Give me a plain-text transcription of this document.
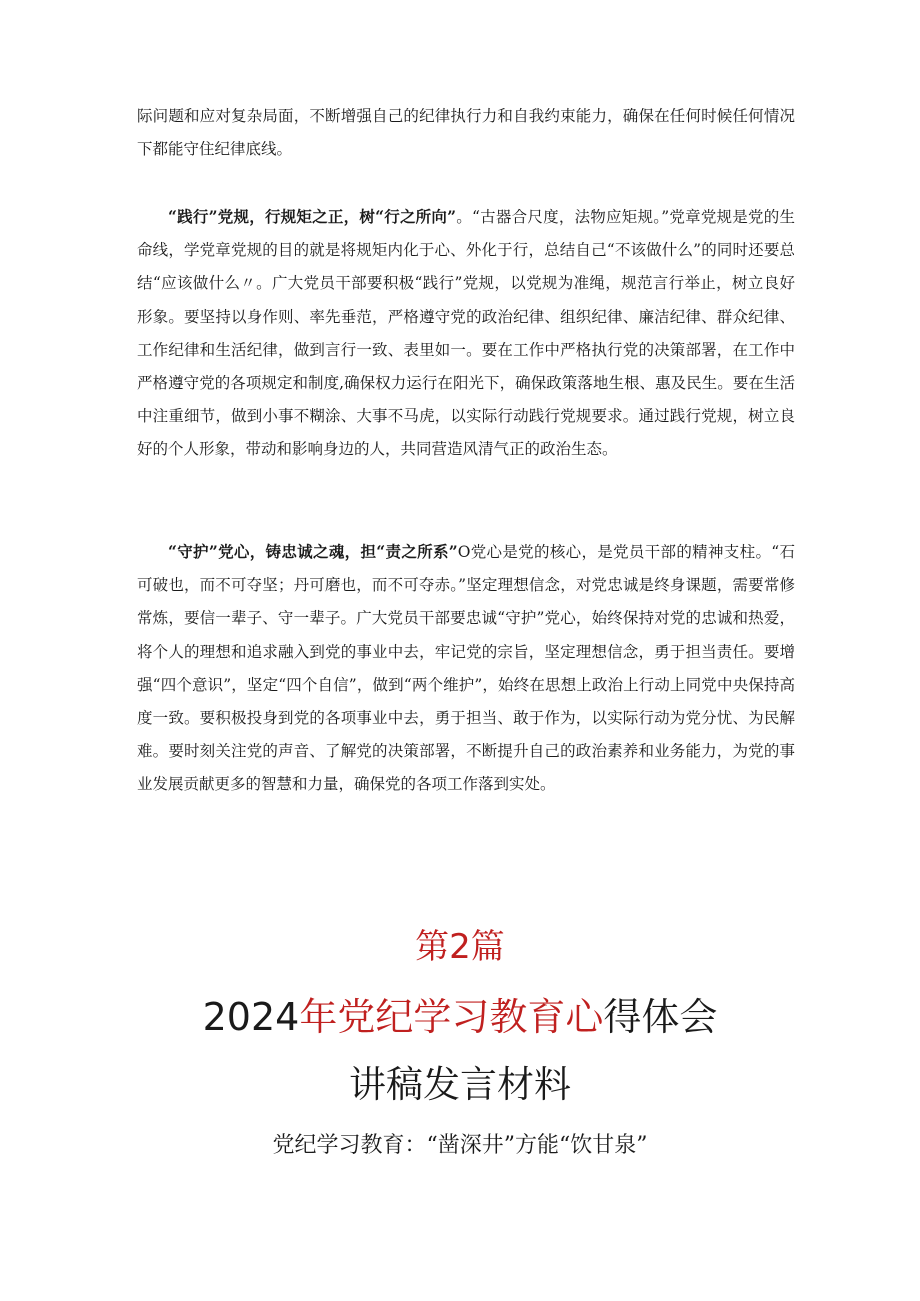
际问题和应对复杂局面，不断增强自己的纪律执行力和自我约束能力，确保在任何时候任何情况下都能守住纪律底线。

“践行”党规，行规矩之正，树“行之所向”。“古器合尺度，法物应矩规。”党章党规是党的生命线，学党章党规的目的就是将规矩内化于心、外化于行，总结自己“不该做什么”的同时还要总结“应该做什么〃。广大党员干部要积极“践行”党规，以党规为准绳，规范言行举止，树立良好形象。要坚持以身作则、率先垂范，严格遵守党的政治纪律、组织纪律、廉洁纪律、群众纪律、工作纪律和生活纪律，做到言行一致、表里如一。要在工作中严格执行党的决策部署，在工作中严格遵守党的各项规定和制度,确保权力运行在阳光下，确保政策落地生根、惠及民生。要在生活中注重细节，做到小事不糊涂、大事不马虎，以实际行动践行党规要求。通过践行党规，树立良好的个人形象，带动和影响身边的人，共同营造风清气正的政治生态。

“守护”党心，铸忠诚之魂，担“责之所系”O党心是党的核心，是党员干部的精神支柱。“石可破也，而不可夺坚；丹可磨也，而不可夺赤。”坚定理想信念，对党忠诚是终身课题，需要常修常炼，要信一辈子、守一辈子。广大党员干部要忠诚“守护”党心，始终保持对党的忠诚和热爱，将个人的理想和追求融入到党的事业中去，牢记党的宗旨，坚定理想信念，勇于担当责任。要增强“四个意识”，坚定“四个自信”，做到“两个维护”，始终在思想上政治上行动上同党中央保持高度一致。要积极投身到党的各项事业中去，勇于担当、敢于作为，以实际行动为党分忧、为民解难。要时刻关注党的声音、了解党的决策部署，不断提升自己的政治素养和业务能力，为党的事业发展贡献更多的智慧和力量，确保党的各项工作落到实处。

第2篇
2024年党纪学习教育心得体会
讲稿发言材料
党纪学习教育：“凿深井”方能“饮甘泉”
